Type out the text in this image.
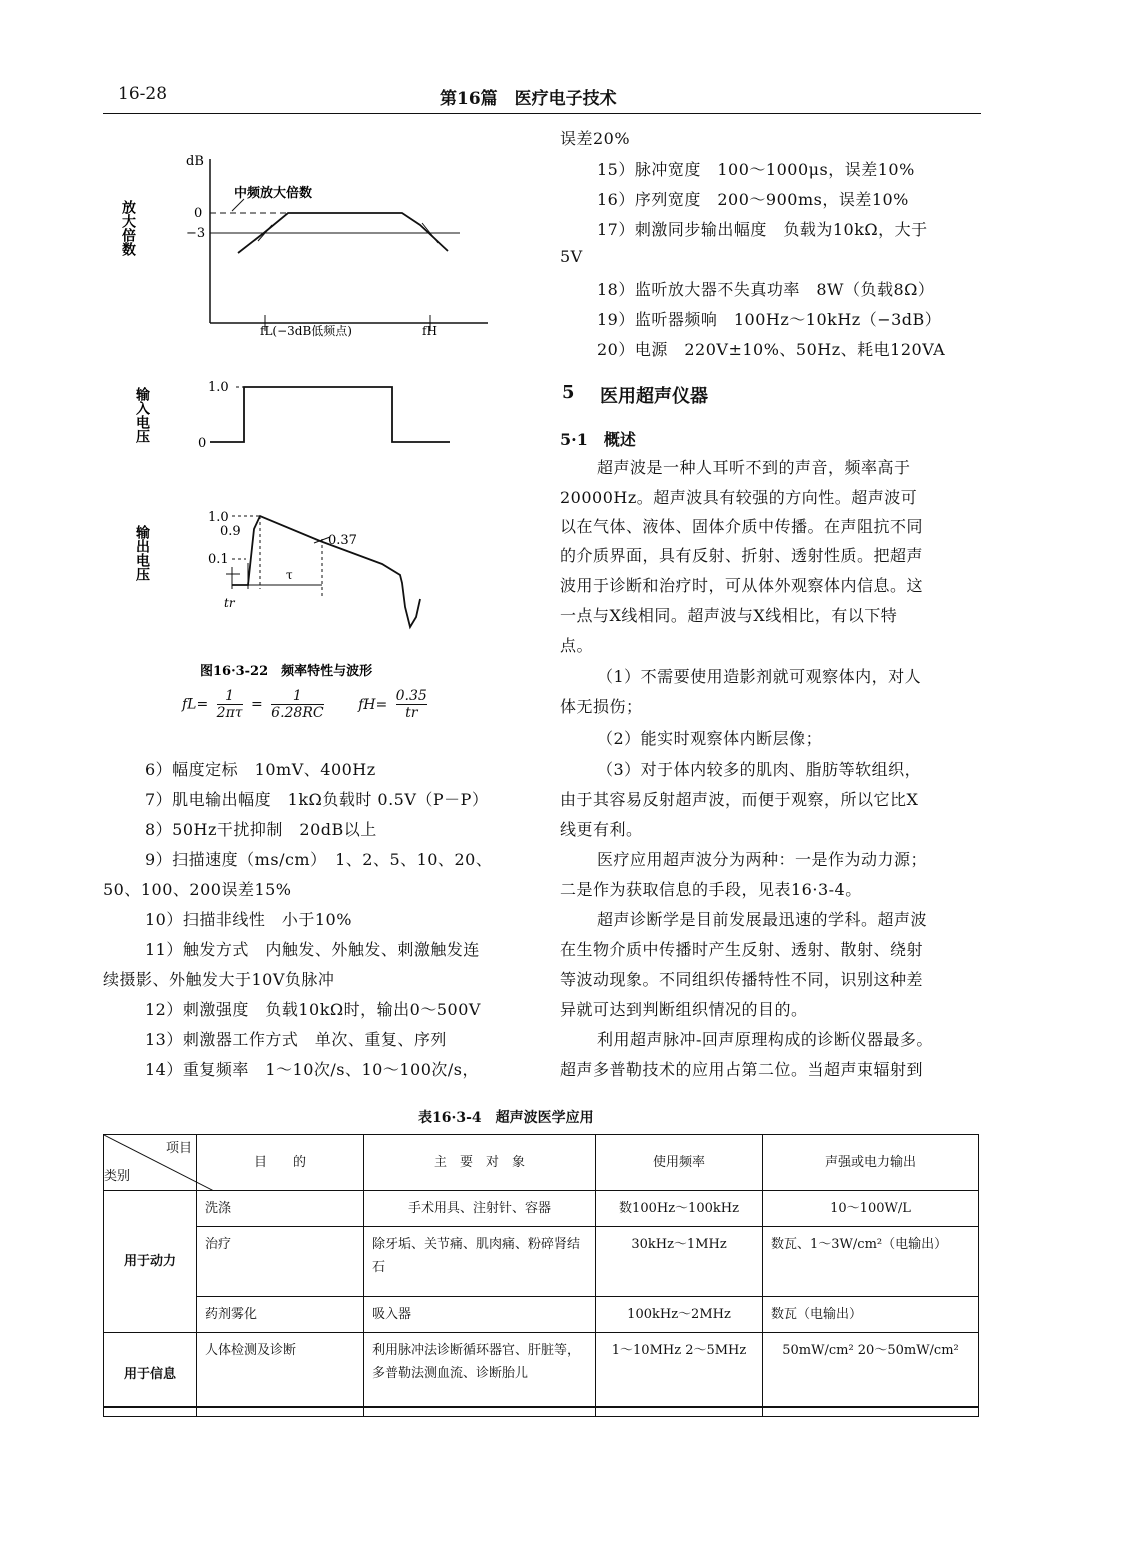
16-28	第16篇　医疗电子技术
放大倍数
dB
0
−3
中频放大倍数
fL(−3dB低频点)	fH
输入电压	1.0
0
输出电压
1.0
0.9
0.1
0.37
τ
tr
图16·3-22　频率特性与波形
$fL= \frac{1}{2\pi\tau} = \frac{1}{6.28RC} fH= \frac{0.35}{tr}$
6）幅度定标　10mV、400Hz
7）肌电输出幅度　1kΩ负载时 0.5V（P－P）
8）50Hz干扰抑制　20dB以上
9）扫描速度（ms/cm）　1、2、5、10、20、
50、100、200误差15%
10）扫描非线性　小于10%
11）触发方式　内触发、外触发、刺激触发连
续摄影、外触发大于10V负脉冲
12）刺激强度　负载10kΩ时，输出0～500V
13）刺激器工作方式　单次、重复、序列
14）重复频率　1～10次/s、10～100次/s，
误差20%
15）脉冲宽度　100～1000μs，误差10%
16）序列宽度　200～900ms，误差10%
17）刺激同步输出幅度　负载为10kΩ，大于
5V
18）监听放大器不失真功率　8W（负载8Ω）
19）监听器频响　100Hz～10kHz（−3dB）
20）电源　220V±10%、50Hz、耗电120VA
5 医用超声仪器
5·1　概述
超声波是一种人耳听不到的声音，频率高于
20000Hz。超声波具有较强的方向性。超声波可
以在气体、液体、固体介质中传播。在声阻抗不同
的介质界面，具有反射、折射、透射性质。把超声
波用于诊断和治疗时，可从体外观察体内信息。这
一点与X线相同。超声波与X线相比，有以下特
点。
（1）不需要使用造影剂就可观察体内，对人
体无损伤；
（2）能实时观察体内断层像；
（3）对于体内较多的肌肉、脂肪等软组织，
由于其容易反射超声波，而便于观察，所以它比X
线更有利。
医疗应用超声波分为两种：一是作为动力源；
二是作为获取信息的手段，见表16·3-4。
超声诊断学是目前发展最迅速的学科。超声波
在生物介质中传播时产生反射、透射、散射、绕射
等波动现象。不同组织传播特性不同，识别这种差
异就可达到判断组织情况的目的。
利用超声脉冲-回声原理构成的诊断仪器最多。
超声多普勒技术的应用占第二位。当超声束辐射到
表16·3-4　超声波医学应用
项目
类别	目　　的	主　要　对　象	使用频率	声强或电力输出
用于动力	洗涤	手术用具、注射针、容器	数100Hz～100kHz	10～100W/L
	治疗	除牙垢、关节痛、肌肉痛、粉碎肾结石	30kHz～1MHz	数瓦、1～3W/cm²（电输出）
	药剂雾化	吸入器	100kHz～2MHz	数瓦（电输出）
用于信息	人体检测及诊断	利用脉冲法诊断循环器官、肝脏等，多普勒法测血流、诊断胎儿	1～10MHz 2～5MHz	50mW/cm² 20～50mW/cm²
